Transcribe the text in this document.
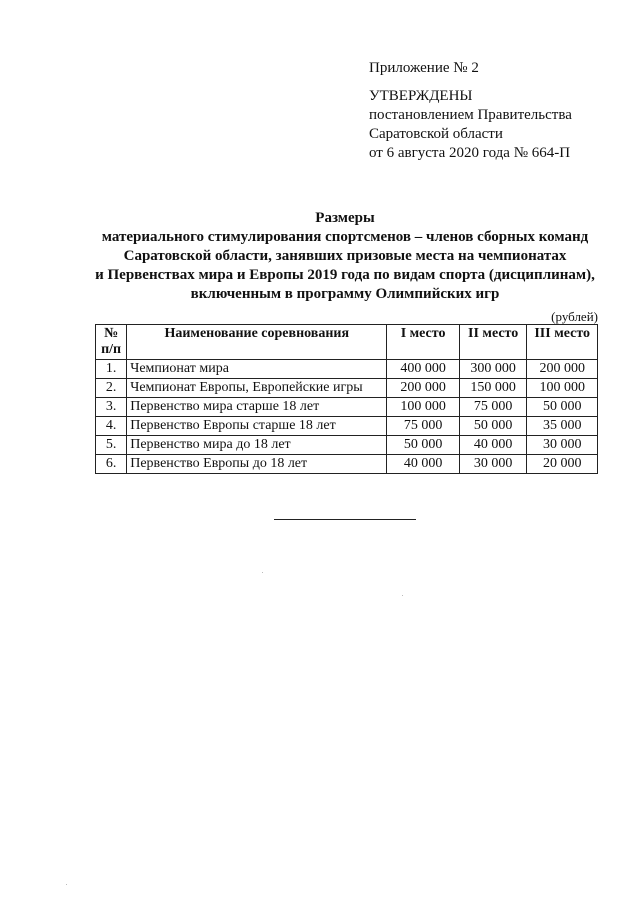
Приложение № 2
УТВЕРЖДЕНЫ
постановлением Правительства
Саратовской области
от 6 августа 2020 года № 664-П
Размеры
материального стимулирования спортсменов – членов сборных команд
Саратовской области, занявших призовые места на чемпионатах
и Первенствах мира и Европы 2019 года по видам спорта (дисциплинам),
включенным в программу Олимпийских игр
(рублей)
№
п/п	Наименование соревнования	I место	II место	III место
1.	Чемпионат мира	400 000	300 000	200 000
2.	Чемпионат Европы, Европейские игры	200 000	150 000	100 000
3.	Первенство мира старше 18 лет	100 000	75 000	50 000
4.	Первенство Европы старше 18 лет	75 000	50 000	35 000
5.	Первенство мира до 18 лет	50 000	40 000	30 000
6.	Первенство Европы до 18 лет	40 000	30 000	20 000
